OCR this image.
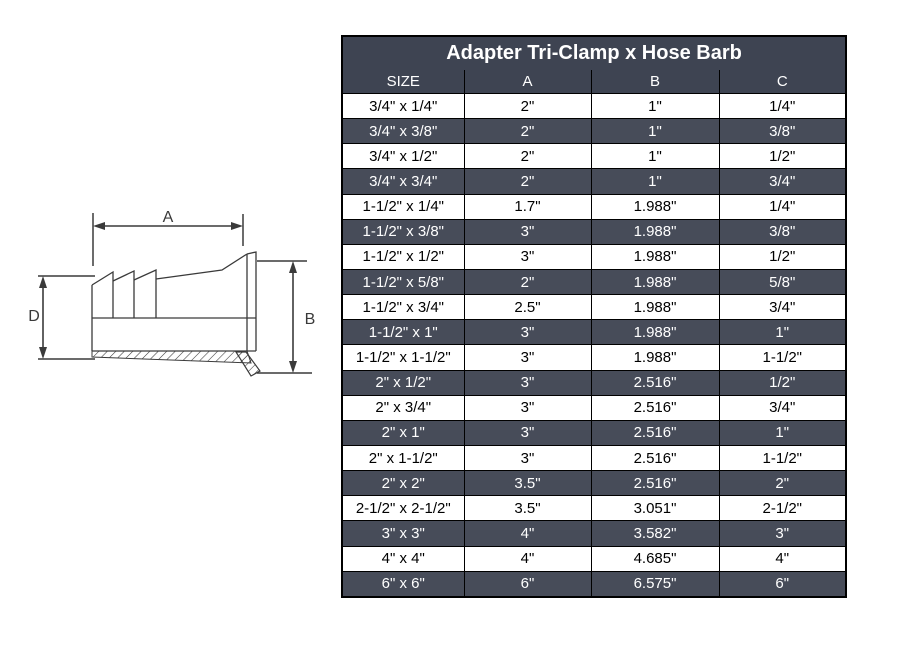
A
D	B
Adapter Tri-Clamp x Hose Barb			
SIZE	A	B	C
3/4" x 1/4"	2"	1"	1/4"
3/4" x 3/8"	2"	1"	3/8"
3/4" x 1/2"	2"	1"	1/2"
3/4" x 3/4"	2"	1"	3/4"
1-1/2" x 1/4"	1.7"	1.988"	1/4"
1-1/2" x 3/8"	3"	1.988"	3/8"
1-1/2" x 1/2"	3"	1.988"	1/2"
1-1/2" x 5/8"	2"	1.988"	5/8"
1-1/2" x 3/4"	2.5"	1.988"	3/4"
1-1/2" x 1"	3"	1.988"	1"
1-1/2" x 1-1/2"	3"	1.988"	1-1/2"
2" x 1/2"	3"	2.516"	1/2"
2" x 3/4"	3"	2.516"	3/4"
2" x 1"	3"	2.516"	1"
2" x 1-1/2"	3"	2.516"	1-1/2"
2" x 2"	3.5"	2.516"	2"
2-1/2" x 2-1/2"	3.5"	3.051"	2-1/2"
3" x 3"	4"	3.582"	3"
4" x 4"	4"	4.685"	4"
6" x 6"	6"	6.575"	6"
